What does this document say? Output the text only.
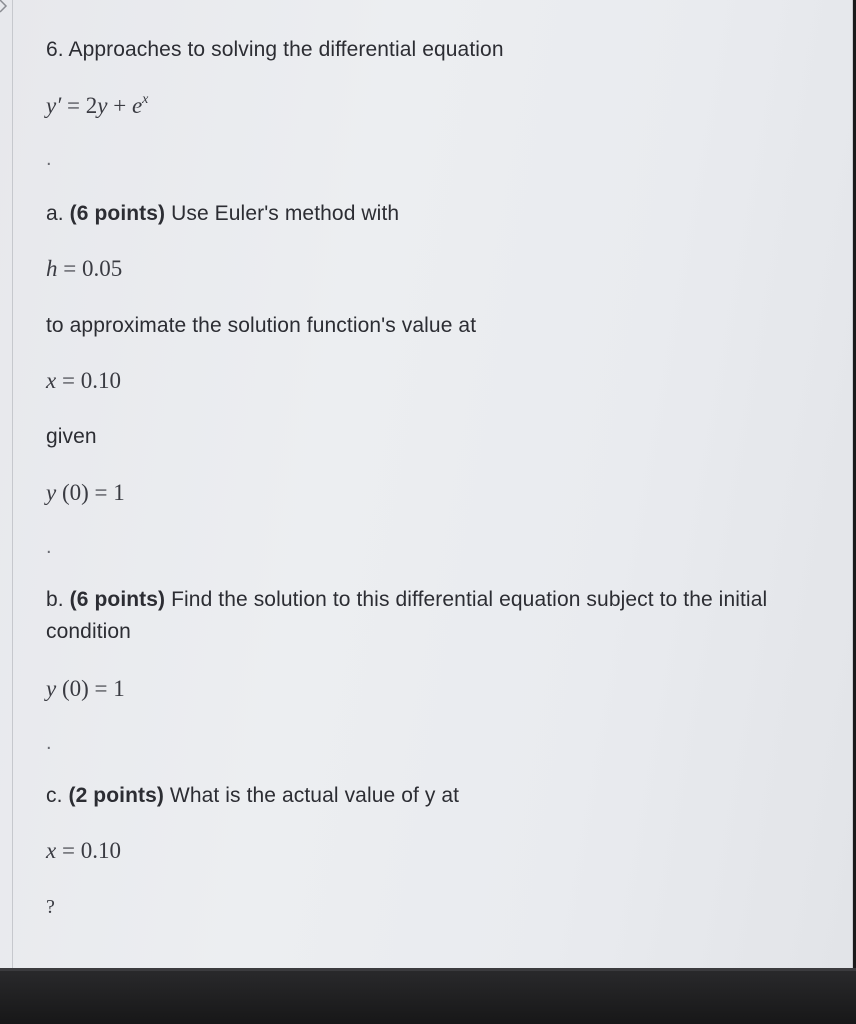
6. Approaches to solving the differential equation
$y' = 2y + e^x$
.
a. (6 points) Use Euler's method with
h = 0.05
to approximate the solution function's value at
x = 0.10
given
y (0) = 1
.
b. (6 points) Find the solution to this differential equation subject to the initial
condition
y (0) = 1
.
c. (2 points) What is the actual value of y at
x = 0.10
?
